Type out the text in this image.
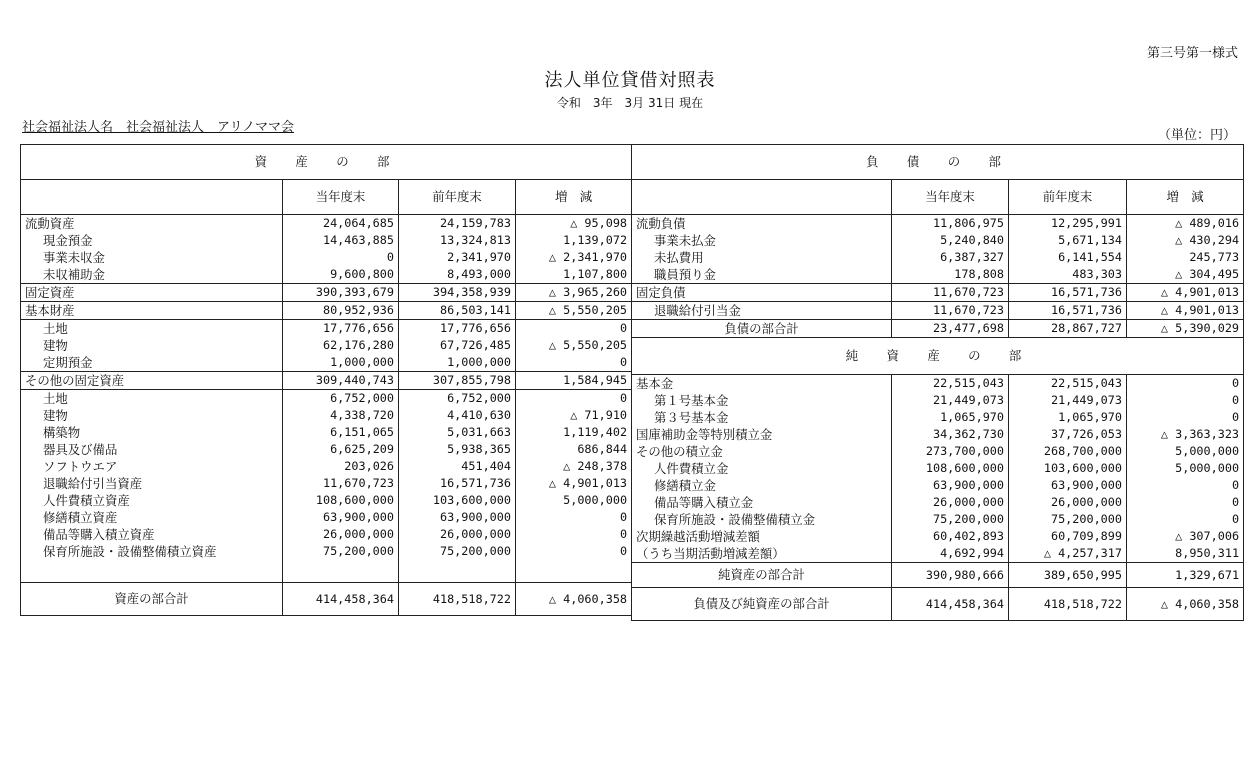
第三号第一様式
法人単位貸借対照表
令和　3年　3月 31日 現在
社会福祉法人名　社会福祉法人　アリノママ会
（単位：円）
資　産　の　部			
	当年度末	前年度末	増　減
流動資産	24,064,685	24,159,783	△ 95,098
現金預金	14,463,885	13,324,813	1,139,072
事業未収金	0	2,341,970	△ 2,341,970
未収補助金	9,600,800	8,493,000	1,107,800
固定資産	390,393,679	394,358,939	△ 3,965,260
基本財産	80,952,936	86,503,141	△ 5,550,205
土地	17,776,656	17,776,656	0
建物	62,176,280	67,726,485	△ 5,550,205
定期預金	1,000,000	1,000,000	0
その他の固定資産	309,440,743	307,855,798	1,584,945
土地	6,752,000	6,752,000	0
建物	4,338,720	4,410,630	△ 71,910
構築物	6,151,065	5,031,663	1,119,402
器具及び備品	6,625,209	5,938,365	686,844
ソフトウエア	203,026	451,404	△ 248,378
退職給付引当資産	11,670,723	16,571,736	△ 4,901,013
人件費積立資産	108,600,000	103,600,000	5,000,000
修繕積立資産	63,900,000	63,900,000	0
備品等購入積立資産	26,000,000	26,000,000	0
保育所施設・設備整備積立資産	75,200,000	75,200,000	0

資産の部合計	414,458,364	418,518,722	△ 4,060,358
負　債　の　部			
	当年度末	前年度末	増　減
流動負債	11,806,975	12,295,991	△ 489,016
事業未払金	5,240,840	5,671,134	△ 430,294
未払費用	6,387,327	6,141,554	245,773
職員預り金	178,808	483,303	△ 304,495
固定負債	11,670,723	16,571,736	△ 4,901,013
退職給付引当金	11,670,723	16,571,736	△ 4,901,013
負債の部合計	23,477,698	28,867,727	△ 5,390,029
純　資　産　の　部			
基本金	22,515,043	22,515,043	0
第１号基本金	21,449,073	21,449,073	0
第３号基本金	1,065,970	1,065,970	0
国庫補助金等特別積立金	34,362,730	37,726,053	△ 3,363,323
その他の積立金	273,700,000	268,700,000	5,000,000
人件費積立金	108,600,000	103,600,000	5,000,000
修繕積立金	63,900,000	63,900,000	0
備品等購入積立金	26,000,000	26,000,000	0
保育所施設・設備整備積立金	75,200,000	75,200,000	0
次期繰越活動増減差額	60,402,893	60,709,899	△ 307,006
（うち当期活動増減差額）	4,692,994	△ 4,257,317	8,950,311
純資産の部合計	390,980,666	389,650,995	1,329,671
負債及び純資産の部合計	414,458,364	418,518,722	△ 4,060,358
